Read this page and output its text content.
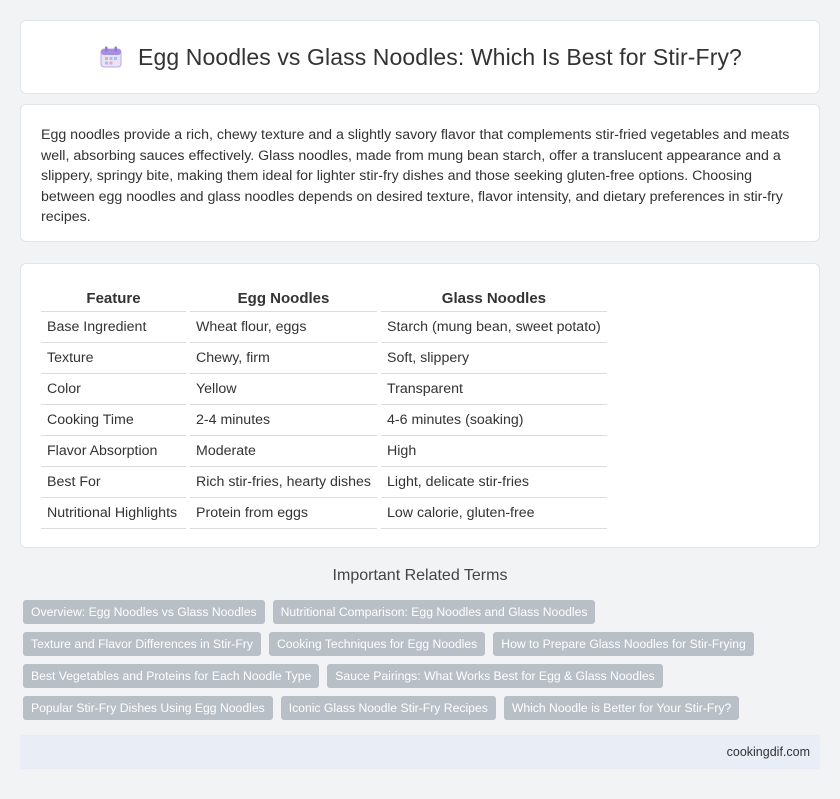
Egg Noodles vs Glass Noodles: Which Is Best for Stir-Fry?

Egg noodles provide a rich, chewy texture and a slightly savory flavor that complements stir-fried vegetables and meats well, absorbing sauces effectively. Glass noodles, made from mung bean starch, offer a translucent appearance and a slippery, springy bite, making them ideal for lighter stir-fry dishes and those seeking gluten-free options. Choosing between egg noodles and glass noodles depends on desired texture, flavor intensity, and dietary preferences in stir-fry recipes.

Feature	Egg Noodles	Glass Noodles
Base Ingredient	Wheat flour, eggs	Starch (mung bean, sweet potato)
Texture	Chewy, firm	Soft, slippery
Color	Yellow	Transparent
Cooking Time	2-4 minutes	4-6 minutes (soaking)
Flavor Absorption	Moderate	High
Best For	Rich stir-fries, hearty dishes	Light, delicate stir-fries
Nutritional Highlights	Protein from eggs	Low calorie, gluten-free
Important Related Terms
Overview: Egg Noodles vs Glass Noodles	Nutritional Comparison: Egg Noodles and Glass Noodles
Texture and Flavor Differences in Stir-Fry	Cooking Techniques for Egg Noodles	How to Prepare Glass Noodles for Stir-Frying
Best Vegetables and Proteins for Each Noodle Type	Sauce Pairings: What Works Best for Egg & Glass Noodles
Popular Stir-Fry Dishes Using Egg Noodles	Iconic Glass Noodle Stir-Fry Recipes	Which Noodle is Better for Your Stir-Fry?
cookingdif.com
